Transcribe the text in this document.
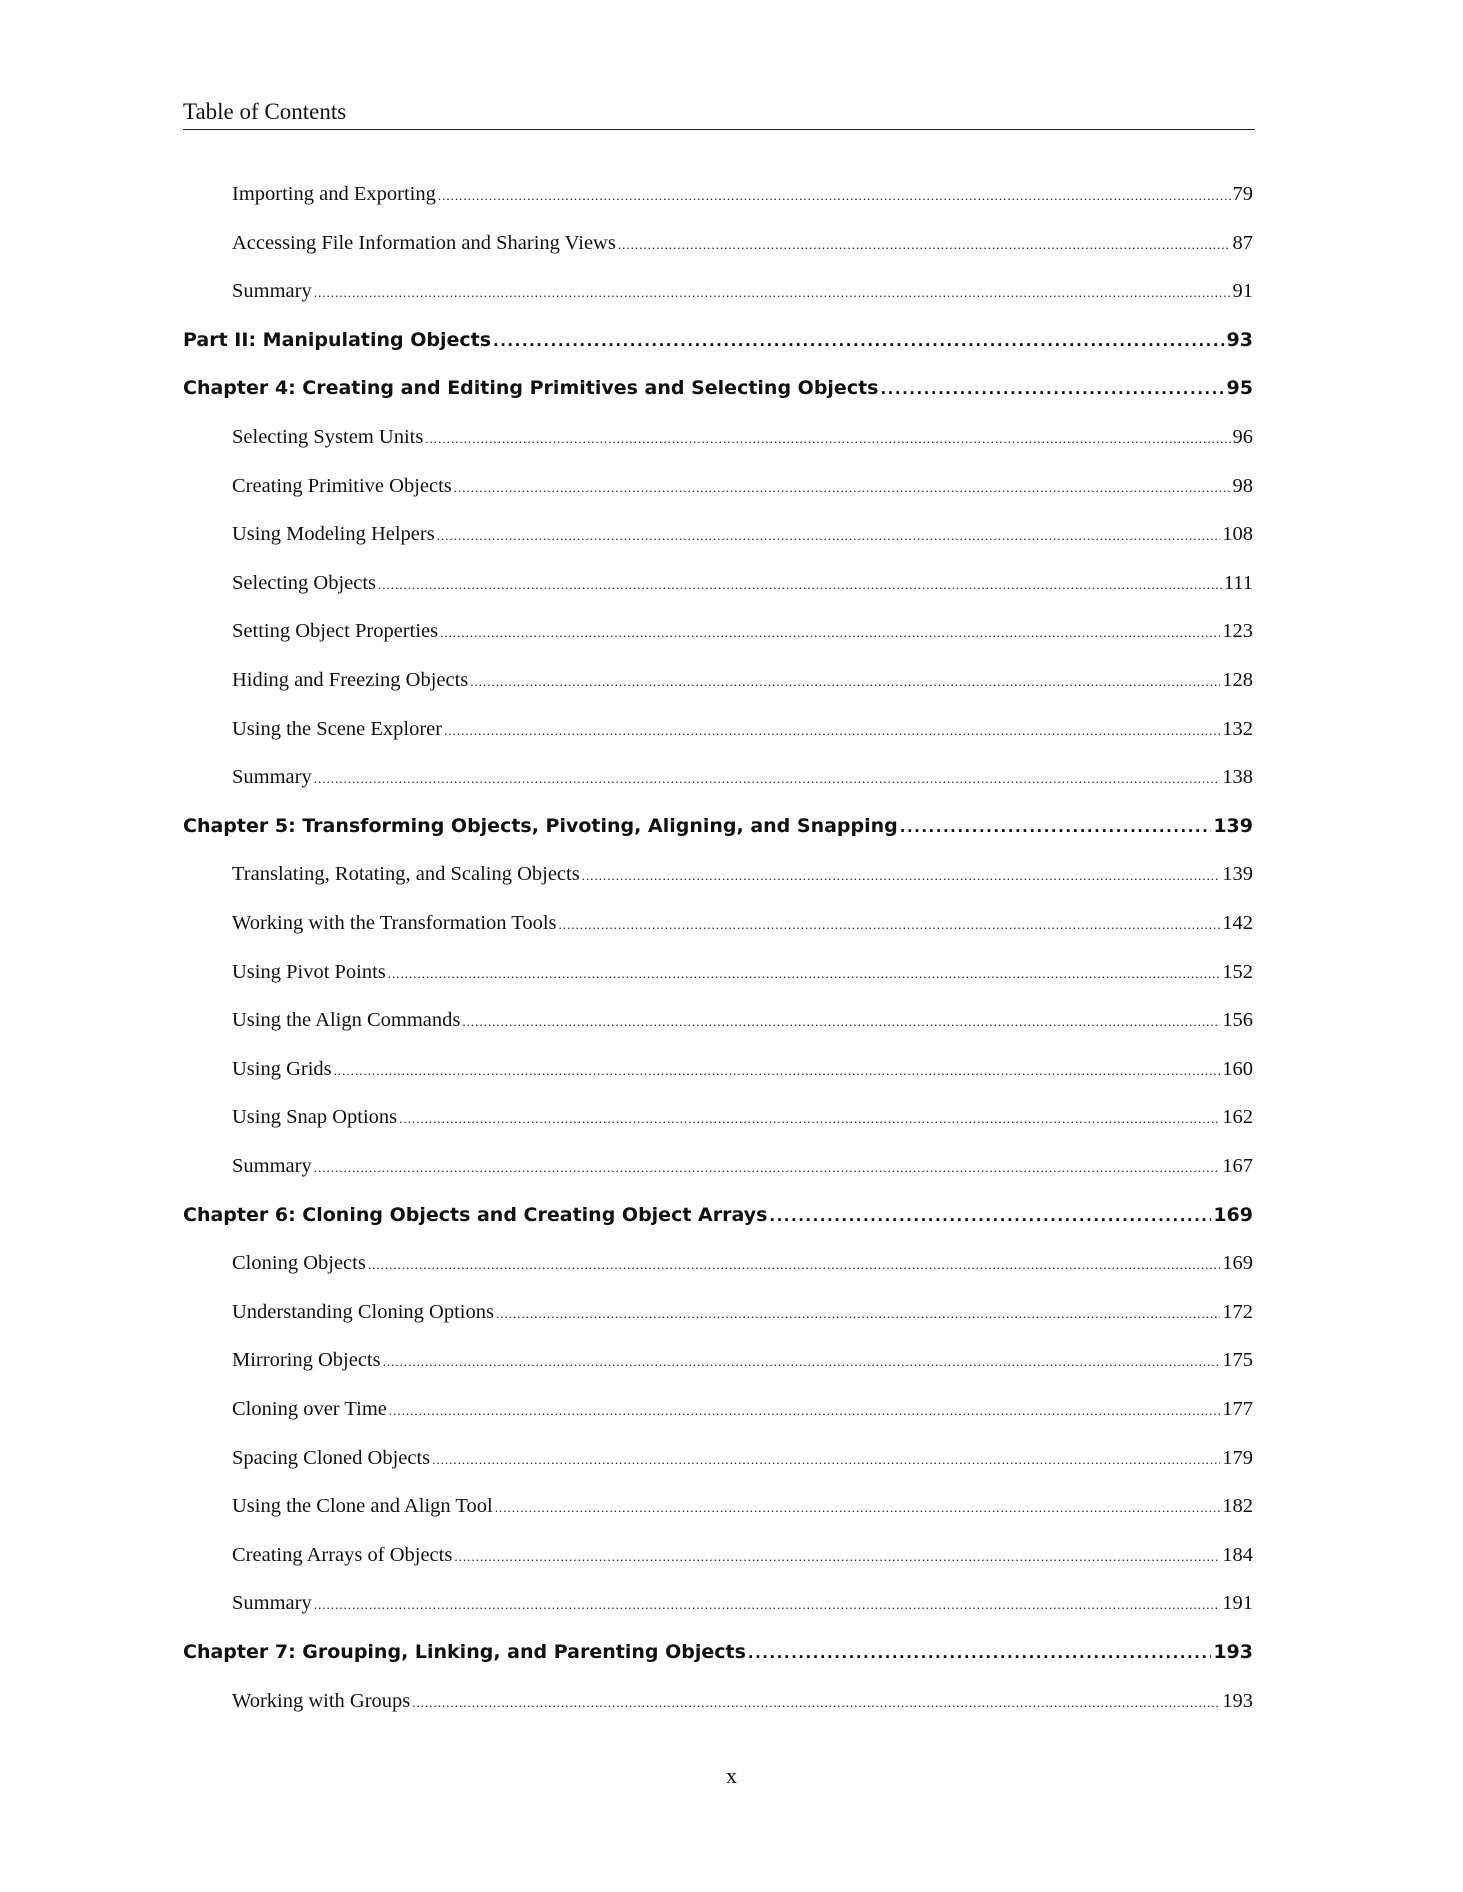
Table of Contents
Importing and Exporting .....	79
Accessing File Information and Sharing Views .....	87
Summary .....	91
Part II: Manipulating Objects .....	93
Chapter 4: Creating and Editing Primitives and Selecting Objects .....	95
Selecting System Units .....	96
Creating Primitive Objects .....	98
Using Modeling Helpers .....	108
Selecting Objects .....	111
Setting Object Properties .....	123
Hiding and Freezing Objects .....	128
Using the Scene Explorer .....	132
Summary .....	138
Chapter 5: Transforming Objects, Pivoting, Aligning, and Snapping .....	139
Translating, Rotating, and Scaling Objects .....	139
Working with the Transformation Tools .....	142
Using Pivot Points .....	152
Using the Align Commands .....	156
Using Grids .....	160
Using Snap Options .....	162
Summary .....	167
Chapter 6: Cloning Objects and Creating Object Arrays .....	169
Cloning Objects .....	169
Understanding Cloning Options .....	172
Mirroring Objects .....	175
Cloning over Time .....	177
Spacing Cloned Objects .....	179
Using the Clone and Align Tool .....	182
Creating Arrays of Objects .....	184
Summary .....	191
Chapter 7: Grouping, Linking, and Parenting Objects .....	193
Working with Groups .....	193
x
